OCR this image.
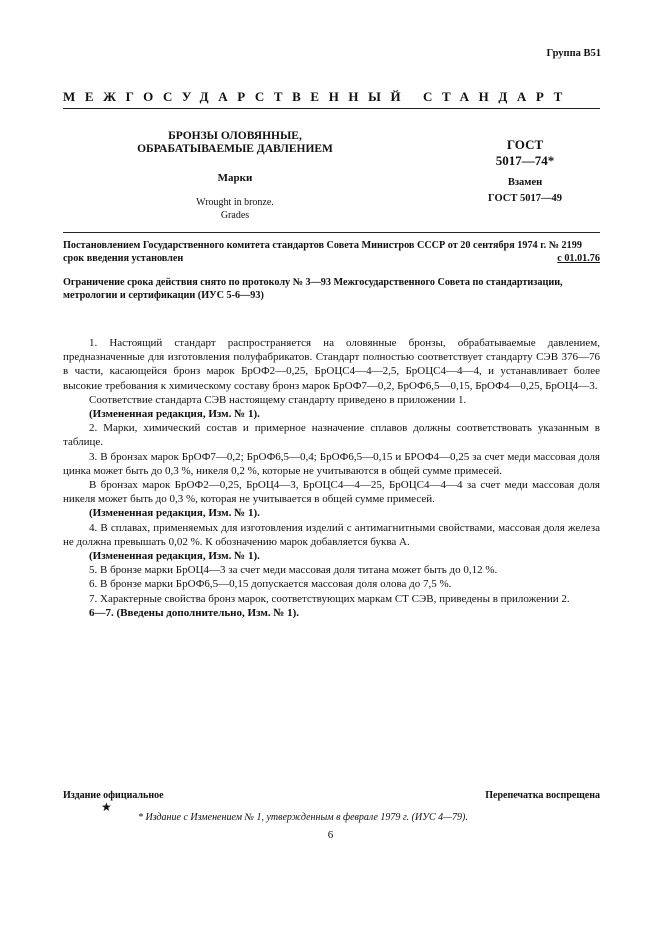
Группа В51
МЕЖГОСУДАРСТВЕННЫЙ СТАНДАРТ
БРОНЗЫ ОЛОВЯННЫЕ,
ОБРАБАТЫВАЕМЫЕ ДАВЛЕНИЕМ
Марки
Wrought in bronze.
Grades
ГОСТ
5017—74*
Взамен
ГОСТ 5017—49
Постановлением Государственного комитета стандартов Совета Министров СССР от 20 сентября 1974 г. № 2199
срок введения установлен	с 01.01.76
Ограничение срока действия снято по протоколу № 3—93 Межгосударственного Совета по стандартизации, метрологии и сертификации (ИУС 5-6—93)

1. Настоящий стандарт распространяется на оловянные бронзы, обрабатываемые давлением, предназначенные для изготовления полуфабрикатов. Стандарт полностью соответствует стандарту СЭВ 376—76 в части, касающейся бронз марок БрОФ2—0,25, БрОЦС4—4—2,5, БрОЦС4—4—4, и устанавливает более высокие требования к химическому составу бронз марок БрОФ7—0,2, БрОФ6,5—0,15, БрОФ4—0,25, БрОЦ4—3.

Соответствие стандарта СЭВ настоящему стандарту приведено в приложении 1.

(Измененная редакция, Изм. № 1).

2. Марки, химический состав и примерное назначение сплавов должны соответствовать указанным в таблице.

3. В бронзах марок БрОФ7—0,2; БрОФ6,5—0,4; БрОФ6,5—0,15 и БРОФ4—0,25 за счет меди массовая доля цинка может быть до 0,3 %, никеля 0,2 %, которые не учитываются в общей сумме примесей.

В бронзах марок БрОФ2—0,25, БрОЦ4—3, БрОЦС4—4—25, БрОЦС4—4—4 за счет меди массовая доля никеля может быть до 0,3 %, которая не учитывается в общей сумме примесей.

(Измененная редакция, Изм. № 1).

4. В сплавах, применяемых для изготовления изделий с антимагнитными свойствами, массовая доля железа не должна превышать 0,02 %. К обозначению марок добавляется буква А.

(Измененная редакция, Изм. № 1).

5. В бронзе марки БрОЦ4—3 за счет меди массовая доля титана может быть до 0,12 %.

6. В бронзе марки БрОФ6,5—0,15 допускается массовая доля олова до 7,5 %.

7. Характерные свойства бронз марок, соответствующих маркам СТ СЭВ, приведены в приложении 2.

6—7. (Введены дополнительно, Изм. № 1).

Издание официальное	Перепечатка воспрещена
★
* Издание с Изменением № 1, утвержденным в феврале 1979 г. (ИУС 4—79).
6
